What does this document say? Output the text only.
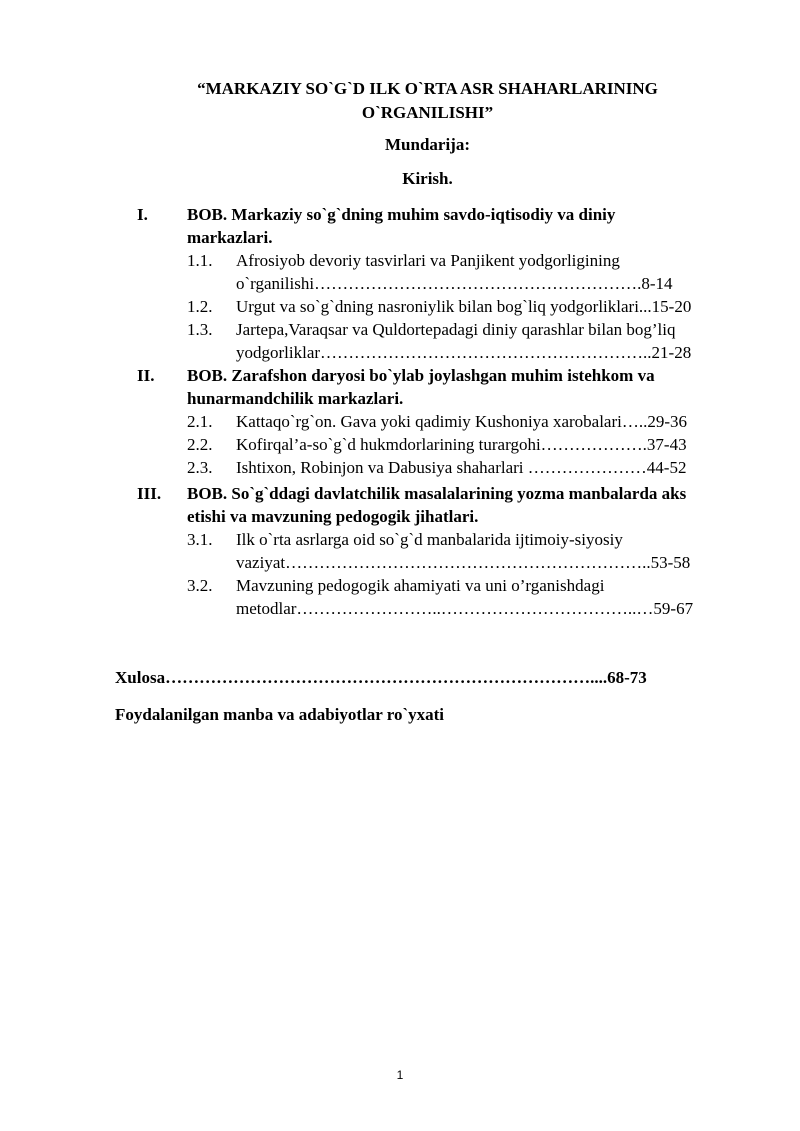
“MARKAZIY SO`G`D ILK O`RTA ASR SHAHARLARINING
O`RGANILISHI”
Mundarija:
Kirish.
I. BOB. Markaziy so`g`dning muhim savdo-iqtisodiy va diniy
markazlari.
1.1. Afrosiyob devoriy tasvirlari va Panjikent yodgorligining
o`rganilishi………………………………………………….8-14
1.2. Urgut va so`g`dning nasroniylik bilan bog`liq yodgorliklari...15-20
1.3. Jartepa,Varaqsar va Quldortepadagi diniy qarashlar bilan bog’liq
yodgorliklar…………………………………………………..21-28
II. BOB. Zarafshon daryosi bo`ylab joylashgan muhim istehkom va
hunarmandchilik markazlari.
2.1. Kattaqo`rg`on. Gava yoki qadimiy Kushoniya xarobalari…..29-36
2.2. Kofirqal’a-so`g`d hukmdorlarining turargohi……………….37-43
2.3. Ishtixon, Robinjon va Dabusiya shaharlari …………………44-52
III. BOB. So`g`ddagi davlatchilik masalalarining yozma manbalarda aks
etishi va mavzuning pedogogik jihatlari.
3.1. Ilk o`rta asrlarga oid so`g`d manbalarida ijtimoiy-siyosiy
vaziyat………………………………………………………..53-58
3.2. Mavzuning pedogogik ahamiyati va uni o’rganishdagi
metodlar……………………..……………………………..…59-67
Xulosa…………………………………………………………………....68-73
Foydalanilgan manba va adabiyotlar ro`yxati
1
